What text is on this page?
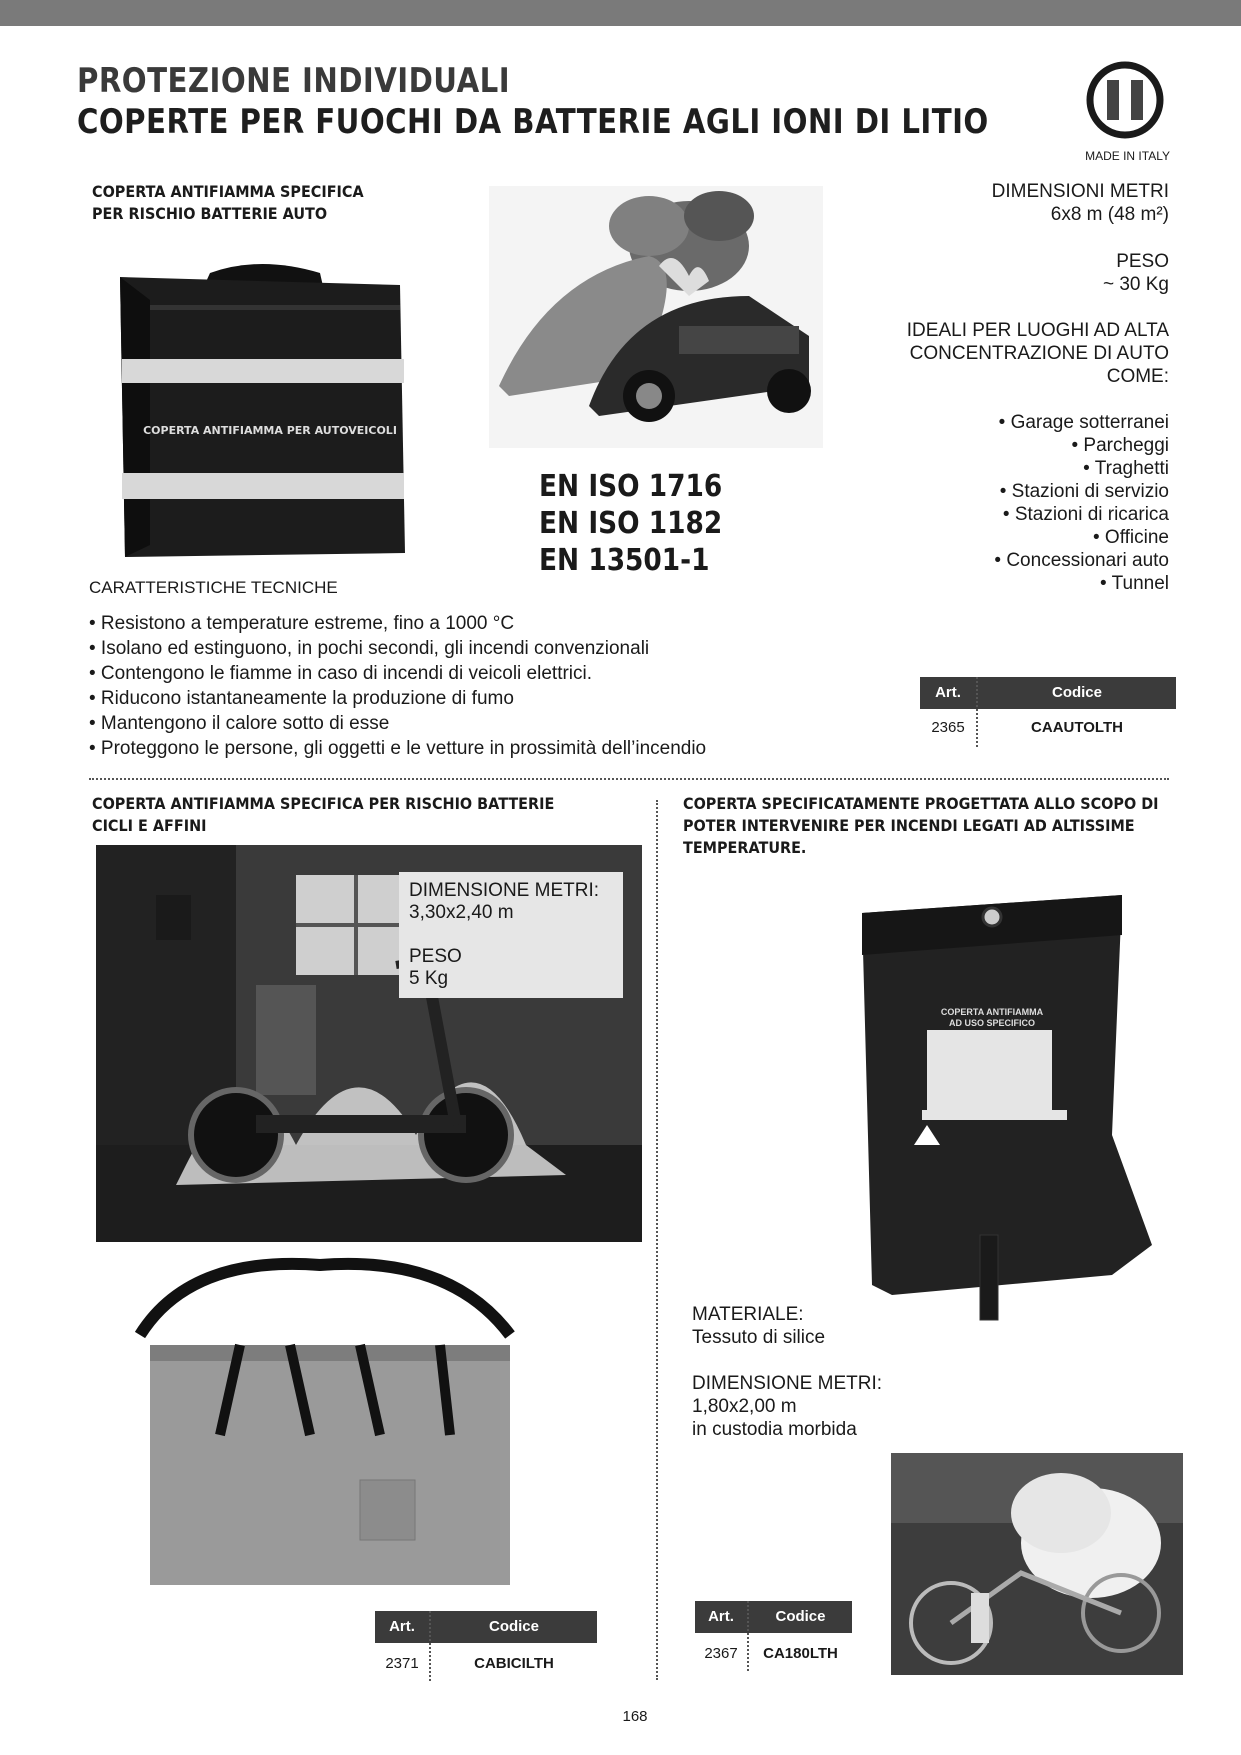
PROTEZIONE INDIVIDUALI
COPERTE PER FUOCHI DA BATTERIE AGLI IONI DI LITIO
MADE IN ITALY
COPERTA ANTIFIAMMA SPECIFICA
PER RISCHIO BATTERIE AUTO
COPERTA ANTIFIAMMA PER AUTOVEICOLI
EN ISO 1716
EN ISO 1182
EN 13501-1
DIMENSIONI METRI
6x8 m (48 m²)
PESO
~ 30 Kg
IDEALI PER LUOGHI AD ALTA
CONCENTRAZIONE DI AUTO
COME:
• Garage sotterranei
• Parcheggi
• Traghetti
• Stazioni di servizio
• Stazioni di ricarica
• Officine
• Concessionari auto
• Tunnel
CARATTERISTICHE TECNICHE
• Resistono a temperature estreme, fino a 1000 °C
• Isolano ed estinguono, in pochi secondi, gli incendi convenzionali
• Contengono le fiamme in caso di incendi di veicoli elettrici.
• Riducono istantaneamente la produzione di fumo
• Mantengono il calore sotto di esse
• Proteggono le persone, gli oggetti e le vetture in prossimità dell’incendio
Art.	Codice
2365	CAAUTOLTH
COPERTA ANTIFIAMMA SPECIFICA PER RISCHIO BATTERIE
CICLI E AFFINI
DIMENSIONE METRI:
3,30x2,40 m
PESO
5 Kg
Art.	Codice
2371	CABICILTH
COPERTA SPECIFICATAMENTE PROGETTATA ALLO SCOPO DI
POTER INTERVENIRE PER INCENDI LEGATI AD ALTISSIME
TEMPERATURE.
COPERTA ANTIFIAMMA
AD USO SPECIFICO
MATERIALE:
Tessuto di silice
DIMENSIONE METRI:
1,80x2,00 m
in custodia morbida
Art.	Codice
2367	CA180LTH
168
